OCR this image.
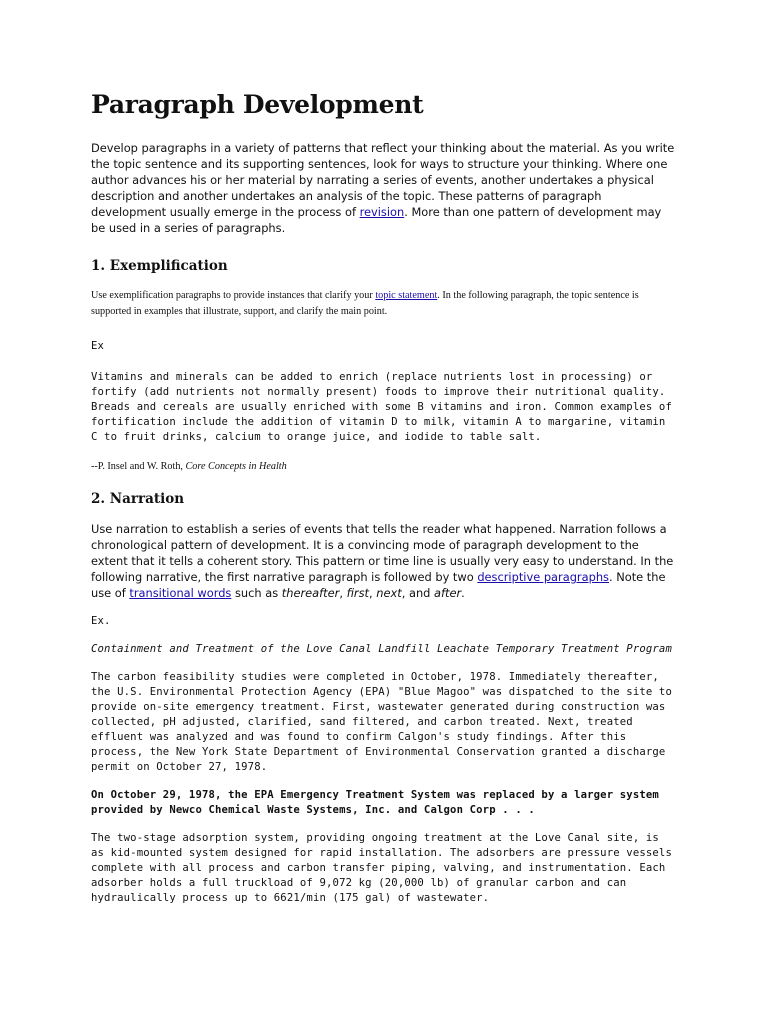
Paragraph Development

Develop paragraphs in a variety of patterns that reflect your thinking about the material. As you write the topic sentence and its supporting sentences, look for ways to structure your thinking. Where one author advances his or her material by narrating a series of events, another undertakes a physical description and another undertakes an analysis of the topic. These patterns of paragraph development usually emerge in the process of revision. More than one pattern of development may be used in a series of paragraphs.

1. Exemplification

Use exemplification paragraphs to provide instances that clarify your topic statement. In the following paragraph, the topic sentence is supported in examples that illustrate, support, and clarify the main point.

Ex

Vitamins and minerals can be added to enrich (replace nutrients lost in processing) or fortify (add nutrients not normally present) foods to improve their nutritional quality. Breads and cereals are usually enriched with some B vitamins and iron. Common examples of fortification include the addition of vitamin D to milk, vitamin A to margarine, vitamin C to fruit drinks, calcium to orange juice, and iodide to table salt.

--P. Insel and W. Roth, Core Concepts in Health

2. Narration

Use narration to establish a series of events that tells the reader what happened. Narration follows a chronological pattern of development. It is a convincing mode of paragraph development to the extent that it tells a coherent story. This pattern or time line is usually very easy to understand. In the following narrative, the first narrative paragraph is followed by two descriptive paragraphs. Note the use of transitional words such as thereafter, first, next, and after.

Ex.

Containment and Treatment of the Love Canal Landfill Leachate Temporary Treatment Program

The carbon feasibility studies were completed in October, 1978. Immediately thereafter, the U.S. Environmental Protection Agency (EPA) "Blue Magoo" was dispatched to the site to provide on-site emergency treatment. First, wastewater generated during construction was collected, pH adjusted, clarified, sand filtered, and carbon treated. Next, treated effluent was analyzed and was found to confirm Calgon's study findings. After this process, the New York State Department of Environmental Conservation granted a discharge permit on October 27, 1978.

On October 29, 1978, the EPA Emergency Treatment System was replaced by a larger system provided by Newco Chemical Waste Systems, Inc. and Calgon Corp . . .

The two-stage adsorption system, providing ongoing treatment at the Love Canal site, is as kid-mounted system designed for rapid installation. The adsorbers are pressure vessels complete with all process and carbon transfer piping, valving, and instrumentation. Each adsorber holds a full truckload of 9,072 kg (20,000 lb) of granular carbon and can hydraulically process up to 6621/min (175 gal) of wastewater.
